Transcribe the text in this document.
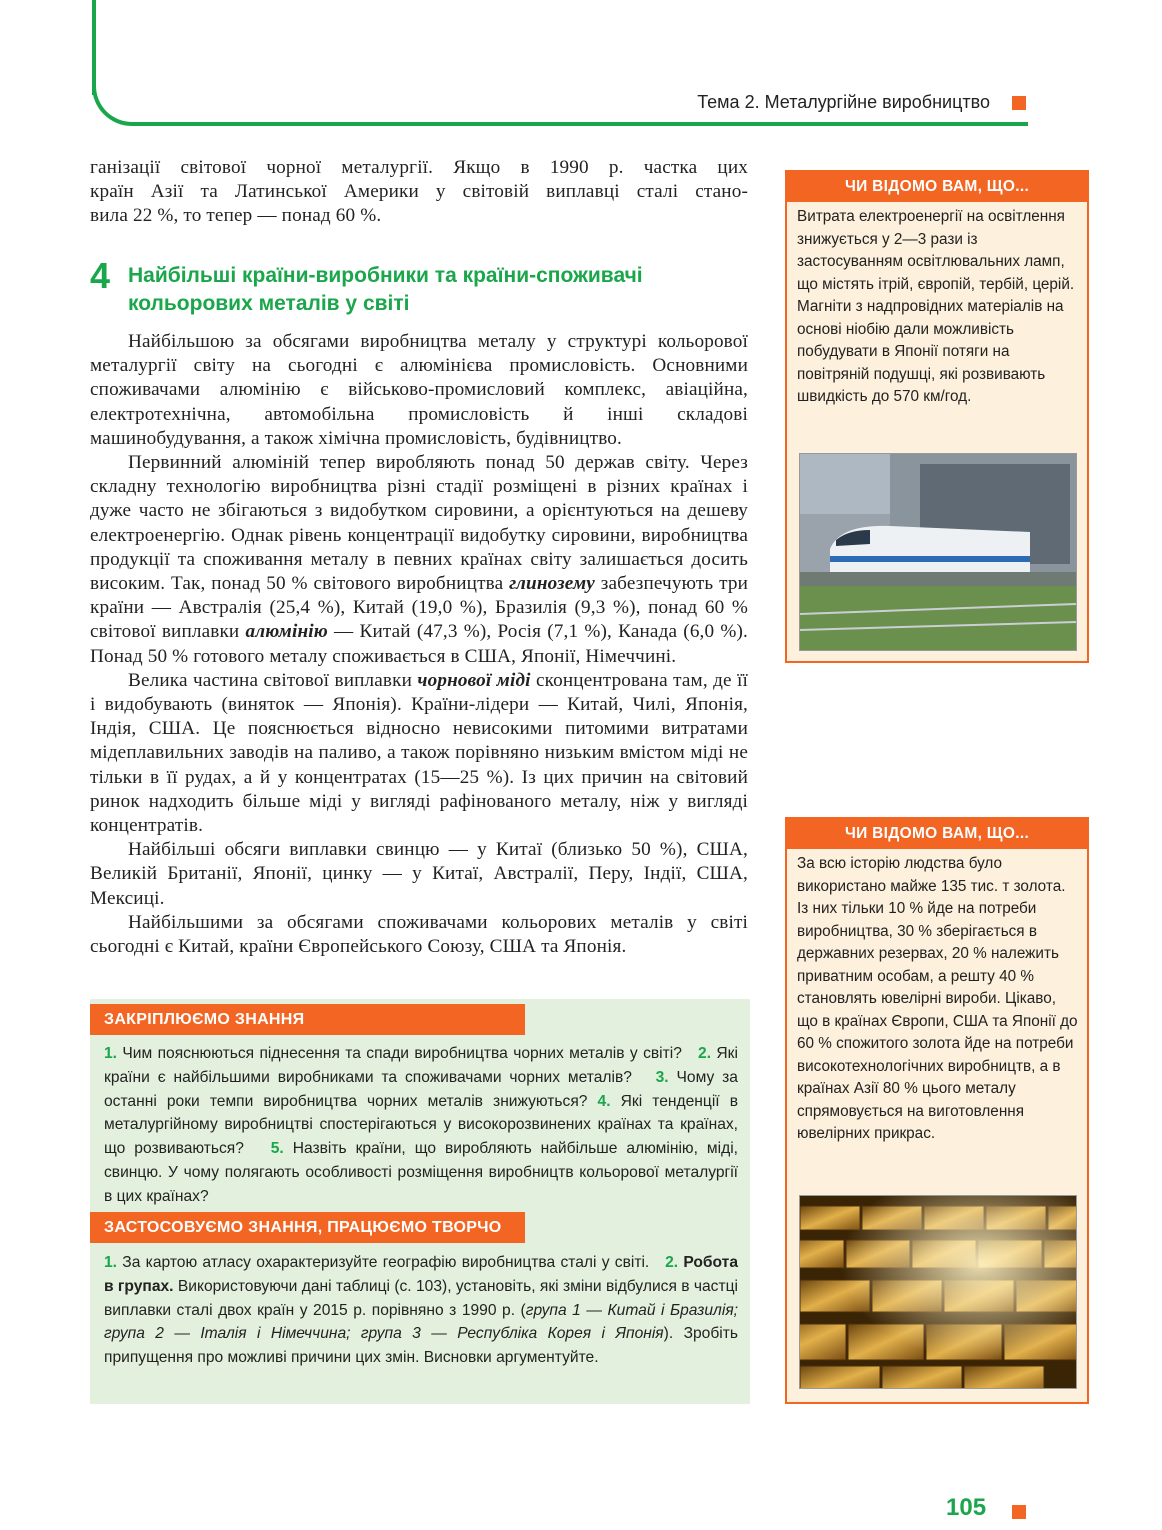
Тема 2. Металургійне виробництво

ганізації світової чорної металургії. Якщо в 1990 р. частка цих

країн Азії та Латинської Америки у світовій виплавці сталі стано-

вила 22 %, то тепер — понад 60 %.

4 Найбільші країни-виробники та країни-споживачі
кольорових металів у світі

Найбільшою за обсягами виробництва металу у структурі кольорової металургії світу на сьогодні є алюмінієва промисловість. Основними споживачами алюмінію є військово-промисловий комплекс, авіаційна, електротехнічна, автомобільна промисловість й інші складові машинобудування, а також хімічна промисловість, будівництво.

Первинний алюміній тепер виробляють понад 50 держав світу. Через складну технологію виробництва різні стадії розміщені в різних країнах і дуже часто не збігаються з видобутком сировини, а орієнтуються на дешеву електроенергію. Однак рівень концентрації видобутку сировини, виробництва продукції та споживання металу в певних країнах світу залишається досить високим. Так, понад 50 % світового виробництва глинозему забезпечують три країни — Австралія (25,4 %), Китай (19,0 %), Бразилія (9,3 %), понад 60 % світової виплавки алюмінію — Китай (47,3 %), Росія (7,1 %), Канада (6,0 %). Понад 50 % готового металу споживається в США, Японії, Німеччині.

Велика частина світової виплавки чорнової міді сконцентрована там, де її і видобувають (виняток — Японія). Країни-лідери — Китай, Чилі, Японія, Індія, США. Це пояснюється відносно невисокими питомими витратами мідеплавильних заводів на паливо, а також порівняно низьким вмістом міді не тільки в її рудах, а й у концентратах (15—25 %). Із цих причин на світовий ринок надходить більше міді у вигляді рафінованого металу, ніж у вигляді концентратів.

Найбільші обсяги виплавки свинцю — у Китаї (близько 50 %), США, Великій Британії, Японії, цинку — у Китаї, Австралії, Перу, Індії, США, Мексиці.

Найбільшими за обсягами споживачами кольорових металів у світі сьогодні є Китай, країни Європейського Союзу, США та Японія.

ЗАКРІПЛЮЄМО ЗНАННЯ
1. Чим пояснюються піднесення та спади виробництва чорних металів у світі? 2. Які країни є найбільшими виробниками та споживачами чорних металів? 3. Чому за останні роки темпи виробництва чорних металів знижуються? 4. Які тенденції в металургійному виробництві спостерігаються у високорозвинених країнах та країнах, що розвиваються? 5. Назвіть країни, що виробляють найбільше алюмінію, міді, свинцю. У чому полягають особливості розміщення виробництв кольорової металургії в цих країнах?
ЗАСТОСОВУЄМО ЗНАННЯ, ПРАЦЮЄМО ТВОРЧО
1. За картою атласу охарактеризуйте географію виробництва сталі у світі. 2. Робота в групах. Використовуючи дані таблиці (с. 103), установіть, які зміни відбулися в частці виплавки сталі двох країн у 2015 р. порівняно з 1990 р. (група 1 — Китай і Бразилія; група 2 — Італія і Німеччина; група 3 — Республіка Корея і Японія). Зробіть припущення про можливі причини цих змін. Висновки аргументуйте.
ЧИ ВІДОМО ВАМ, ЩО...
Витрата електроенергії на освітлення знижується у 2—3 рази із застосуванням освітлювальних ламп, що містять ітрій, європій, тербій, церій. Магніти з надпровідних матеріалів на основі ніобію дали можливість побудувати в Японії потяги на повітряній подушці, які розвивають швидкість до 570 км/год.
ЧИ ВІДОМО ВАМ, ЩО...
За всю історію людства було використано майже 135 тис. т золота. Із них тільки 10 % йде на потреби виробництва, 30 % зберігається в державних резервах, 20 % належить приватним особам, а решту 40 % становлять ювелірні вироби. Цікаво, що в країнах Європи, США та Японії до 60 % спожитого золота йде на потреби високотехнологічних виробництв, а в країнах Азії 80 % цього металу спрямовується на виготовлення ювелірних прикрас.
105
